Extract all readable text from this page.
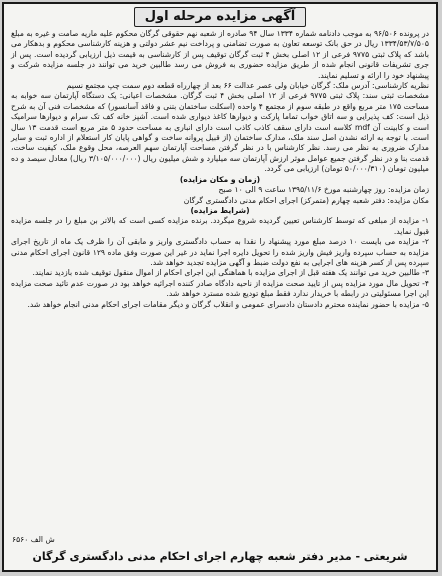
آگهی مزایده مرحله اول

در پرونده ۹۶/۵۰۶ به موجب دادنامه شماره ۱۳۳۴ سال ۹۴ صادره از شعبه نهم حقوقی گرگان محکوم علیه ماریه صامت و غیره به مبلغ ۱۳۳۴/۵۳/۷/۵۰۵ ریال در حق بانک توسعه تعاون به صورت تضامنی و پرداخت نیم عشر دولتی و هزینه کارشناسی محکوم و بدهکار می باشد که پلاک ثبتی ۹۷۷۵ فرعی از ۱۲ اصلی بخش ۴ ثبت گرگان توقیف پس از کارشناسی به قیمت ذیل ارزیابی گردیده است. پس از جری تشریفات قانونی انجام شده از طریق مزایده حضوری به فروش می رسد طالبین خرید می توانند در جلسه مزایده شرکت و پیشنهاد خود را ارائه و تسلیم نمایند.

نظریه کارشناسی: آدرس ملک: گرگان خیابان ولی عصر عدالت ۶۶ بعد از چهارراه قطعه دوم سمت چپ مجتمع نسیم

مشخصات ثبتی سند: پلاک ثبتی ۹۷۷۵ فرعی از ۱۲ اصلی بخش ۴ ثبت گرگان. مشخصات اعیانی: یک دستگاه آپارتمان سه خوابه به مساحت ۱۷۵ متر مربع واقع در طبقه سوم از مجتمع ۴ واحده (اسکلت ساختمان بتنی و فاقد آسانسور) که مشخصات فنی آن به شرح ذیل است: کف پذیرایی و سه اتاق خواب تماما پارکت و دیوارها کاغذ دیواری شده است. آشپز خانه کف تک سرام و دیوارها سرامیک است و کابینت آن mdf کلاسه است دارای سقف کاذب کاذب است دارای انباری به مساحت حدود ۵ متر مربع است قدمت ۱۳ سال است. با توجه به ارائه نشدن اصل سند ملک، مدارک ساختمان (از قبیل پروانه ساخت و گواهی پایان کار استعلام از اداره ثبت و سایر مدارک ضروری به نظر می رسد. نظر کارشناس با در نظر گرفتن مساحت آپارتمان سهم العرصه، محل وقوع ملک، کیفیت ساخت، قدمت بنا و در نظر گرفتن جمیع عوامل موثر ارزش آپارتمان سه میلیارد و شش میلیون ریال (۳/۱۰۵/۰۰۰/۰۰۰ ریال) معادل سیصد و ده میلیون تومان (۵۰/۰۰۰/۳۱۰ تومان) ارزیابی می گردد.

(زمان و مکان مزایده)

زمان مزایده: روز چهارشنبه مورخ ۱۳۹۵/۱۱/۶ ساعت ۹ الی ۱۰ صبح

مکان مزایده: دفتر شعبه چهارم (متمرکز) اجرای احکام مدنی دادگستری گرگان

(شرایط مزایده)

۱- مزایده از مبلغی که توسط کارشناس تعیین گردیده شروع میگردد. برنده مزایده کسی است که بالاتر بن مبلغ را در جلسه مزایده قبول نماید.

۲- مزایده می بایست ۱۰ درصد مبلغ مورد پیشنهاد را نقدا به حساب دادگستری واریز و مابقی آن را ظرف یک ماه از تاریخ اجرای مزایده به حساب سپرده واریز فیش واریز شده را تحویل دایره اجرا نماید در غیر این صورت وفق ماده ۱۲۹ قانون اجرای احکام مدنی سپرده پس از کسر هزینه های اجرایی به نفع دولت ضبط و آگهی مزایده تجدید خواهد شد.

۳- طالبین خرید می توانند یک هفته قبل از اجرای مزایده با هماهنگی این اجرای احکام از اموال منقول توقیف شده بازدید نمایند.

۴- تحویل مال مورد مزایده پس از تایید صحت مزایده از ناحیه دادگاه صادر کننده اجرائیه خواهد بود در صورت عدم تائید صحت مزایده این اجرا مسئولیتی در رابطه با خریدار ندارد فقط مبلغ تودیع شده مسترد خواهد شد.

۵- مزایده با حضور نماینده محترم دادستان دادسرای عمومی و انقلاب گرگان و دیگر مقامات اجرای احکام مدنی انجام خواهد شد.

ش الف ۶۵۶۰
شریعتی - مدیر دفتر شعبه چهارم اجرای احکام مدنی دادگستری گرگان
